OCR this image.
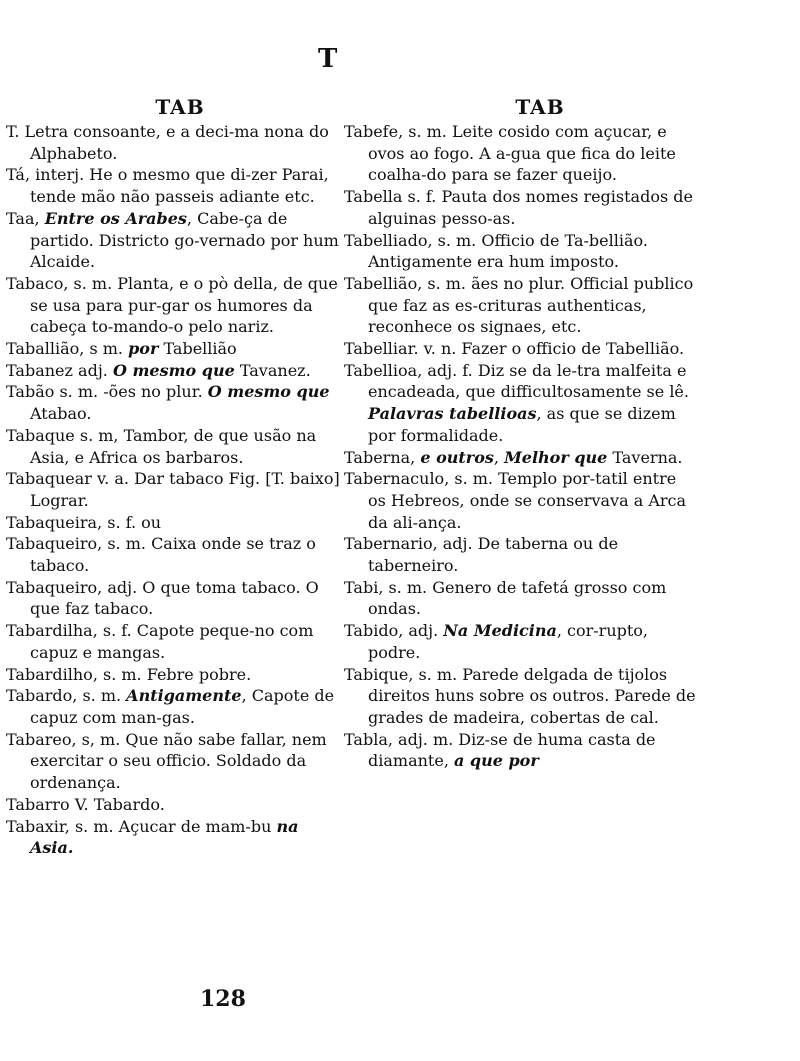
T
TAB
T. Letra consoante, e a deci-ma nona do Alphabeto.
Tá, interj. He o mesmo que di-zer Parai, tende mão não passeis adiante etc.
Taa, Entre os Arabes, Cabe-ça de partido. Districto go-vernado por hum Alcaide.
Tabaco, s. m. Planta, e o pò della, de que se usa para pur-gar os humores da cabeça to-mando-o pelo nariz.
Taballião, s m. por Tabellião
Tabanez adj. O mesmo que Tavanez.
Tabão s. m. -ões no plur. O mesmo que Atabao.
Tabaque s. m, Tambor, de que usão na Asia, e Africa os barbaros.
Tabaquear v. a. Dar tabaco Fig. [T. baixo] Lograr.
Tabaqueira, s. f. ou
Tabaqueiro, s. m. Caixa onde se traz o tabaco.
Tabaqueiro, adj. O que toma tabaco. O que faz tabaco.
Tabardilha, s. f. Capote peque-no com capuz e mangas.
Tabardilho, s. m. Febre pobre.
Tabardo, s. m. Antigamente, Capote de capuz com man-gas.
Tabareo, s, m. Que não sabe fallar, nem exercitar o seu officio. Soldado da ordenança.
Tabarro V. Tabardo.
Tabaxir, s. m. Açucar de mam-bu na Asia.
TAB
Tabefe, s. m. Leite cosido com açucar, e ovos ao fogo. A a-gua que fica do leite coalha-do para se fazer queijo.
Tabella s. f. Pauta dos nomes registados de alguinas pesso-as.
Tabelliado, s. m. Officio de Ta-bellião. Antigamente era hum imposto.
Tabellião, s. m. ães no plur. Official publico que faz as es-crituras authenticas, reconhece os signaes, etc.
Tabelliar. v. n. Fazer o officio de Tabellião.
Tabellioa, adj. f. Diz se da le-tra malfeita e encadeada, que difficultosamente se lê. Palavras tabellioas, as que se dizem por formalidade.
Taberna, e outros, Melhor que Taverna.
Tabernaculo, s. m. Templo por-tatil entre os Hebreos, onde se conservava a Arca da ali-ança.
Tabernario, adj. De taberna ou de taberneiro.
Tabi, s. m. Genero de tafetá grosso com ondas.
Tabido, adj. Na Medicina, cor-rupto, podre.
Tabique, s. m. Parede delgada de tijolos direitos huns sobre os outros. Parede de grades de madeira, cobertas de cal.
Tabla, adj. m. Diz-se de huma casta de diamante, a que por
128
